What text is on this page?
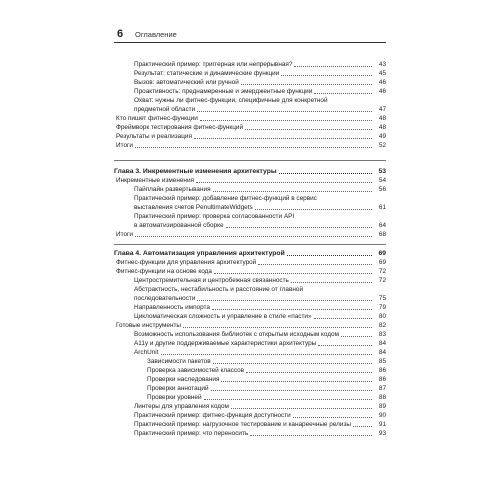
6 Оглавление
Практический пример: триггерная или непрерывная?	43
Результат: статические и динамические функции	45
Вызов: автоматический или ручной	46
Проактивность: преднамеренные и эмерджентные функции	46
Охват: нужны ли фитнес-функции, специфичные для конкретной
предметной области	47
Кто пишет фитнес-функции	48
Фреймворк тестирования фитнес-функций	48
Результаты и реализация	49
Итоги	52
Глава 3. Инкрементные изменения архитектуры	53
Инкрементные изменения	54
Пайплайн развертывания	56
Практический пример: добавление фитнес-функций в сервис
выставления счетов PenultimateWidgets	61
Практический пример: проверка согласованности API
в автоматизированной сборке	64
Итоги	68
Глава 4. Автоматизация управления архитектурой	69
Фитнес-функции для управления архитектурой	69
Фитнес-функции на основе кода	72
Центростремительная и центробежная связанность	72
Абстрактность, нестабильность и расстояние от главной
последовательности	75
Направленность импорта	79
Цикломатическая сложность и управление в стиле «пасти»	80
Готовые инструменты	82
Возможность использования библиотек с открытым исходным кодом	83
A11y и другие поддерживаемые характеристики архитектуры	84
ArchUnit	84
Зависимости пакетов	85
Проверка зависимостей классов	86
Проверки наследования	86
Проверки аннотаций	87
Проверки уровней	88
Линтеры для управления кодом	89
Практический пример: фитнес-функция доступности	90
Практический пример: нагрузочное тестирование и канареечные релизы	91
Практический пример: что переносить	93
